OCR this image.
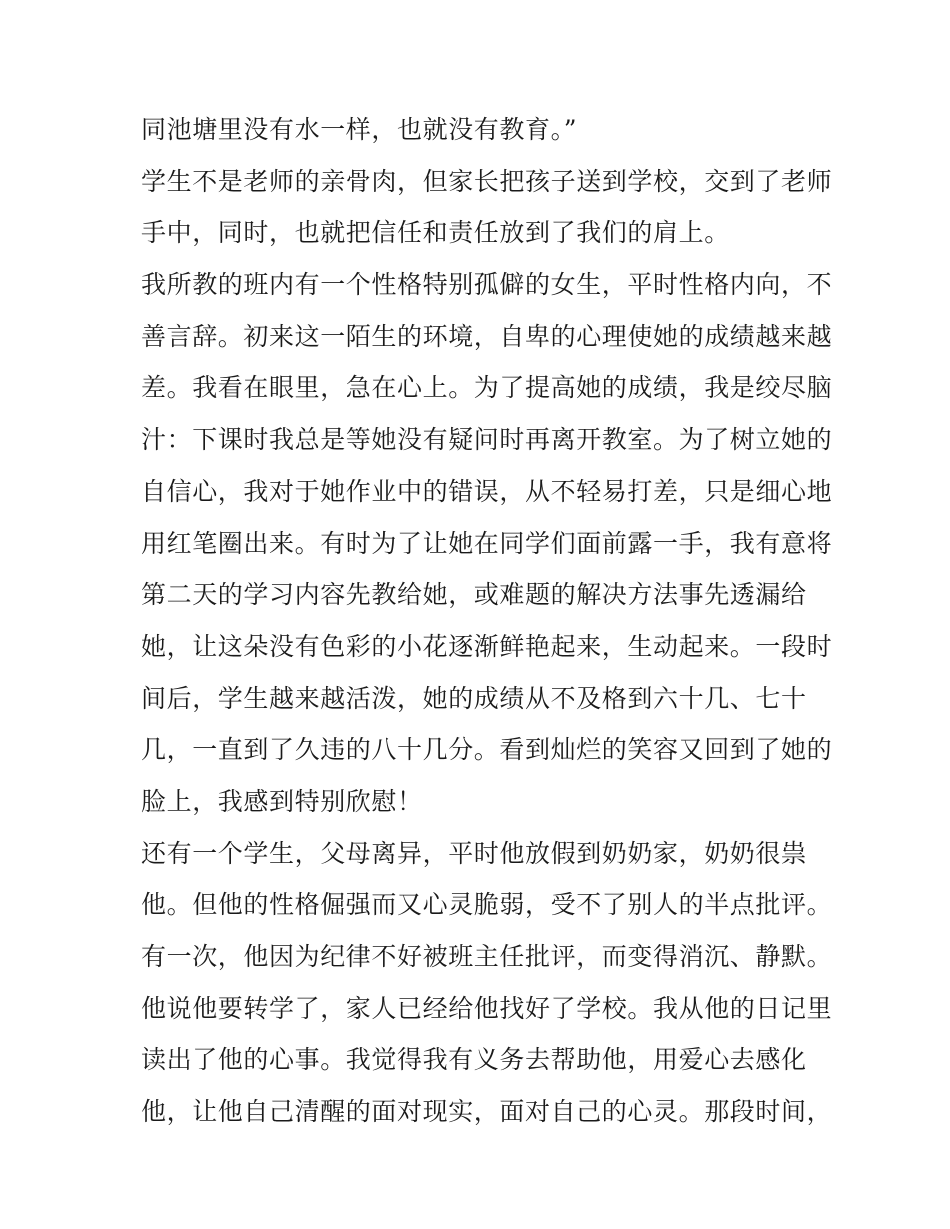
同池塘里没有水一样，也就没有教育。”
学生不是老师的亲骨肉，但家长把孩子送到学校，交到了老师
手中，同时，也就把信任和责任放到了我们的肩上。
我所教的班内有一个性格特别孤僻的女生，平时性格内向，不
善言辞。初来这一陌生的环境，自卑的心理使她的成绩越来越
差。我看在眼里，急在心上。为了提高她的成绩，我是绞尽脑
汁：下课时我总是等她没有疑问时再离开教室。为了树立她的
自信心，我对于她作业中的错误，从不轻易打差，只是细心地
用红笔圈出来。有时为了让她在同学们面前露一手，我有意将
第二天的学习内容先教给她，或难题的解决方法事先透漏给
她，让这朵没有色彩的小花逐渐鲜艳起来，生动起来。一段时
间后，学生越来越活泼，她的成绩从不及格到六十几、七十
几，一直到了久违的八十几分。看到灿烂的笑容又回到了她的
脸上，我感到特别欣慰！
还有一个学生，父母离异，平时他放假到奶奶家，奶奶很祟
他。但他的性格倔强而又心灵脆弱，受不了别人的半点批评。
有一次，他因为纪律不好被班主任批评，而变得消沉、静默。
他说他要转学了，家人已经给他找好了学校。我从他的日记里
读出了他的心事。我觉得我有义务去帮助他，用爱心去感化
他，让他自己清醒的面对现实，面对自己的心灵。那段时间，
